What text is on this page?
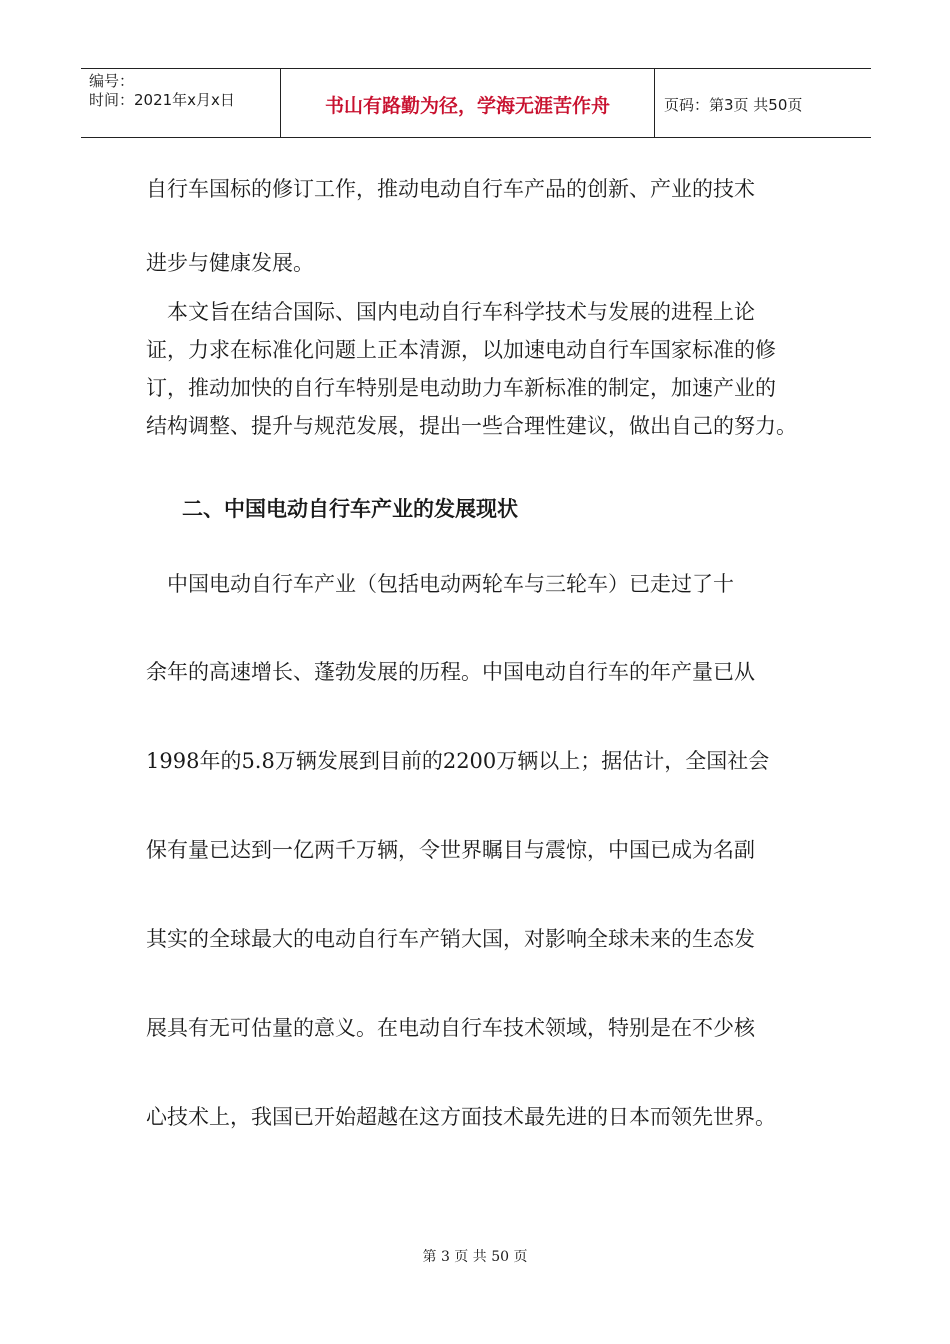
编号：
时间：2021年x月x日	书山有路勤为径，学海无涯苦作舟	页码：第3页 共50页
自行车国标的修订工作，推动电动自行车产品的创新、产业的技术
进步与健康发展。
　本文旨在结合国际、国内电动自行车科学技术与发展的进程上论
证，力求在标准化问题上正本清源，以加速电动自行车国家标准的修
订，推动加快的自行车特别是电动助力车新标准的制定，加速产业的
结构调整、提升与规范发展，提出一些合理性建议，做出自己的努力。
二、中国电动自行车产业的发展现状
　中国电动自行车产业（包括电动两轮车与三轮车）已走过了十
余年的高速增长、蓬勃发展的历程。中国电动自行车的年产量已从
1998年的5.8万辆发展到目前的2200万辆以上；据估计，全国社会
保有量已达到一亿两千万辆，令世界瞩目与震惊，中国已成为名副
其实的全球最大的电动自行车产销大国，对影响全球未来的生态发
展具有无可估量的意义。在电动自行车技术领域，特别是在不少核
心技术上，我国已开始超越在这方面技术最先进的日本而领先世界。
第 3 页 共 50 页
